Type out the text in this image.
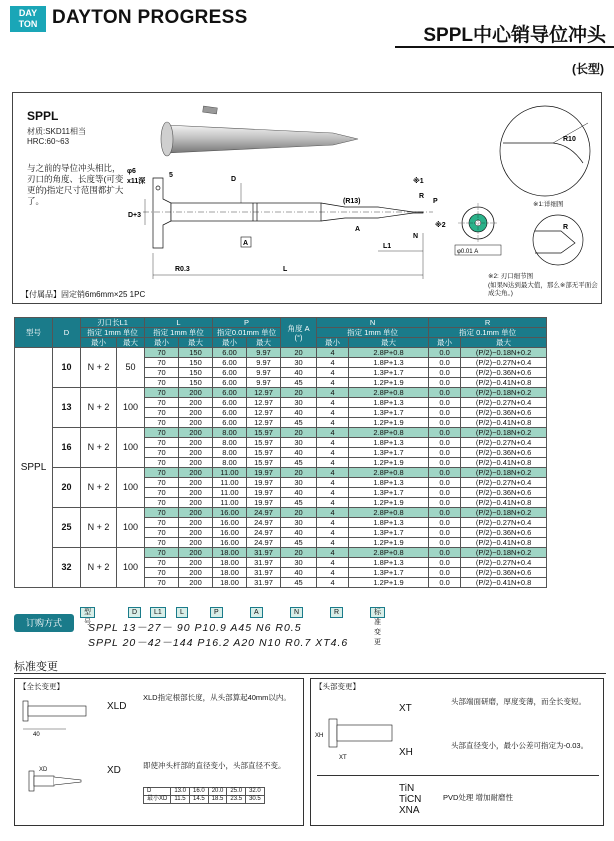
DAY
TON DAYTON PROGRESS
SPPL中心销导位冲头
(长型)
SPPL
材质:SKD11相当
HRC:60~63
与之前的导位冲头相比，刃口的角度、长度等(可变更的)指定尺寸范围都扩大了。
【付属品】固定销6m6mm×25 1PC
R0.3	L
L1
D
D+3
(R13)
5
φ6
x11深
N
A
P
R
※1
※2
A
R10
※1:详细图
φ0.01 A
R
※2: 刃口细节图
(如果N达到最大值，那么※部无平面会成尖角。)
型号	D	刃口长L1		L		P		角度 A
(°)	N		R	
		指定 1mm 单位		指定 1mm 单位		指定0.01mm 单位			指定 1mm 单位		指定 0.1mm 单位	
		最小	最大	最小	最大	最小	最大		最小	最大	最小	最大
SPPL	10	N + 2	50	70	150	6.00	9.97	20	4	2.8P+0.8	0.0	(P/2)−0.18N+0.2
				70	150	6.00	9.97	30	4	1.8P+1.3	0.0	(P/2)−0.27N+0.4
				70	150	6.00	9.97	40	4	1.3P+1.7	0.0	(P/2)−0.36N+0.6
				70	150	6.00	9.97	45	4	1.2P+1.9	0.0	(P/2)−0.41N+0.8
	13	N + 2	100	70	200	6.00	12.97	20	4	2.8P+0.8	0.0	(P/2)−0.18N+0.2
				70	200	6.00	12.97	30	4	1.8P+1.3	0.0	(P/2)−0.27N+0.4
				70	200	6.00	12.97	40	4	1.3P+1.7	0.0	(P/2)−0.36N+0.6
				70	200	6.00	12.97	45	4	1.2P+1.9	0.0	(P/2)−0.41N+0.8
	16	N + 2	100	70	200	8.00	15.97	20	4	2.8P+0.8	0.0	(P/2)−0.18N+0.2
				70	200	8.00	15.97	30	4	1.8P+1.3	0.0	(P/2)−0.27N+0.4
				70	200	8.00	15.97	40	4	1.3P+1.7	0.0	(P/2)−0.36N+0.6
				70	200	8.00	15.97	45	4	1.2P+1.9	0.0	(P/2)−0.41N+0.8
	20	N + 2	100	70	200	11.00	19.97	20	4	2.8P+0.8	0.0	(P/2)−0.18N+0.2
				70	200	11.00	19.97	30	4	1.8P+1.3	0.0	(P/2)−0.27N+0.4
				70	200	11.00	19.97	40	4	1.3P+1.7	0.0	(P/2)−0.36N+0.6
				70	200	11.00	19.97	45	4	1.2P+1.9	0.0	(P/2)−0.41N+0.8
	25	N + 2	100	70	200	16.00	24.97	20	4	2.8P+0.8	0.0	(P/2)−0.18N+0.2
				70	200	16.00	24.97	30	4	1.8P+1.3	0.0	(P/2)−0.27N+0.4
				70	200	16.00	24.97	40	4	1.3P+1.7	0.0	(P/2)−0.36N+0.6
				70	200	16.00	24.97	45	4	1.2P+1.9	0.0	(P/2)−0.41N+0.8
	32	N + 2	100	70	200	18.00	31.97	20	4	2.8P+0.8	0.0	(P/2)−0.18N+0.2
				70	200	18.00	31.97	30	4	1.8P+1.3	0.0	(P/2)−0.27N+0.4
				70	200	18.00	31.97	40	4	1.3P+1.7	0.0	(P/2)−0.36N+0.6
				70	200	18.00	31.97	45	4	1.2P+1.9	0.0	(P/2)−0.41N+0.8
订购方式
型号
D	L1	L	P	A	N	R	标准变更
SPPL 13－27－ 90 P10.9 A45 N6 R0.5
SPPL 20－42－144 P16.2 A20 N10 R0.7 XT4.6
标准变更
【全长变更】
40
XLD
XLD指定根部长度，从头部算起40mm以内。
XD	XD	即使冲头杆部的直径变小，头部直径不变。
D	13.0	16.0	20.0	25.0	32.0
最小XD	11.5	14.5	18.5	23.5	30.5
【头部变更】
XH
XT
XT
头部端面研磨，厚度变薄，而全长变短。
XH
头部直径变小，最小公差可指定为-0.03。
TiN
TiCN
XNA
PVD处理 增加耐磨性
